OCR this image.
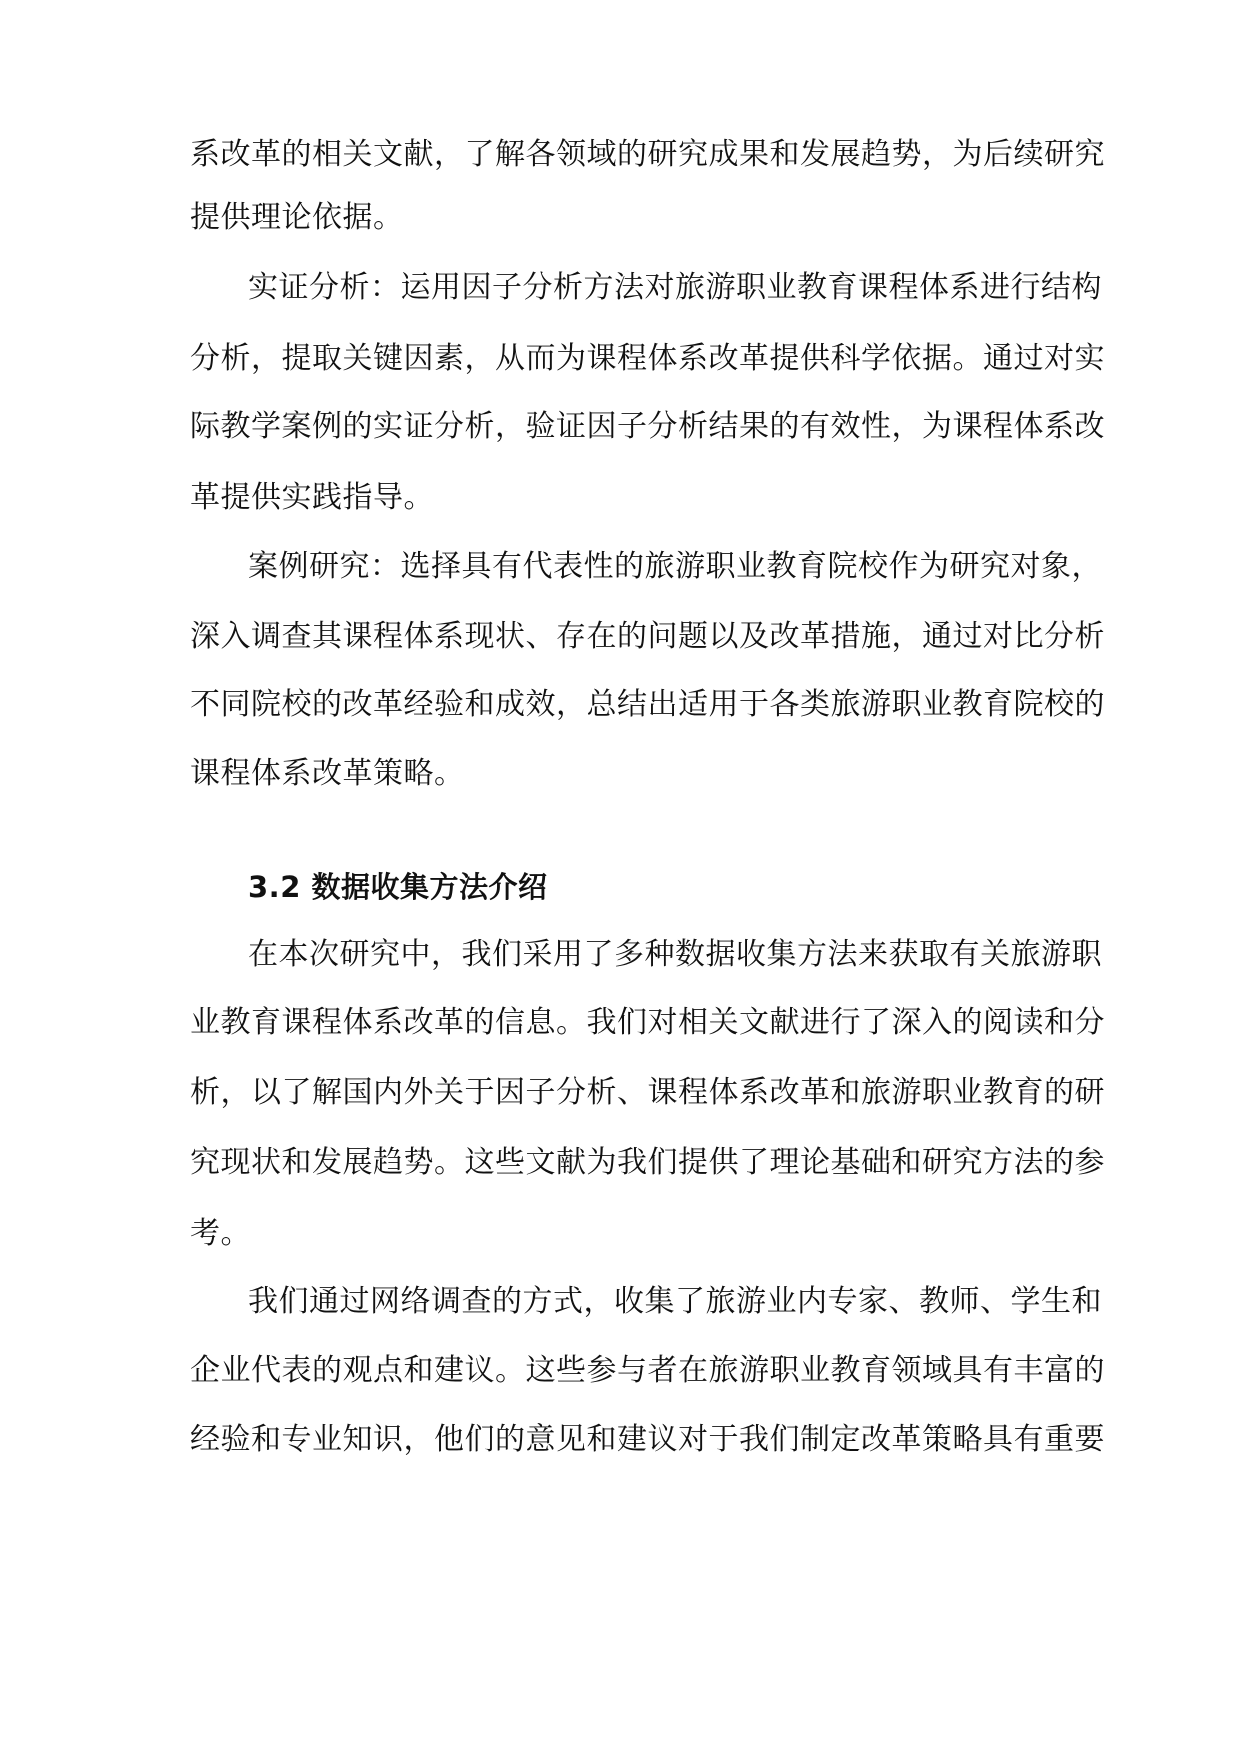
系改革的相关文献，了解各领域的研究成果和发展趋势，为后续研究
提供理论依据。
实证分析：运用因子分析方法对旅游职业教育课程体系进行结构
分析，提取关键因素，从而为课程体系改革提供科学依据。通过对实
际教学案例的实证分析，验证因子分析结果的有效性，为课程体系改
革提供实践指导。
案例研究：选择具有代表性的旅游职业教育院校作为研究对象，
深入调查其课程体系现状、存在的问题以及改革措施，通过对比分析
不同院校的改革经验和成效，总结出适用于各类旅游职业教育院校的
课程体系改革策略。
3.2 数据收集方法介绍
在本次研究中，我们采用了多种数据收集方法来获取有关旅游职
业教育课程体系改革的信息。我们对相关文献进行了深入的阅读和分
析，以了解国内外关于因子分析、课程体系改革和旅游职业教育的研
究现状和发展趋势。这些文献为我们提供了理论基础和研究方法的参
考。
我们通过网络调查的方式，收集了旅游业内专家、教师、学生和
企业代表的观点和建议。这些参与者在旅游职业教育领域具有丰富的
经验和专业知识，他们的意见和建议对于我们制定改革策略具有重要
